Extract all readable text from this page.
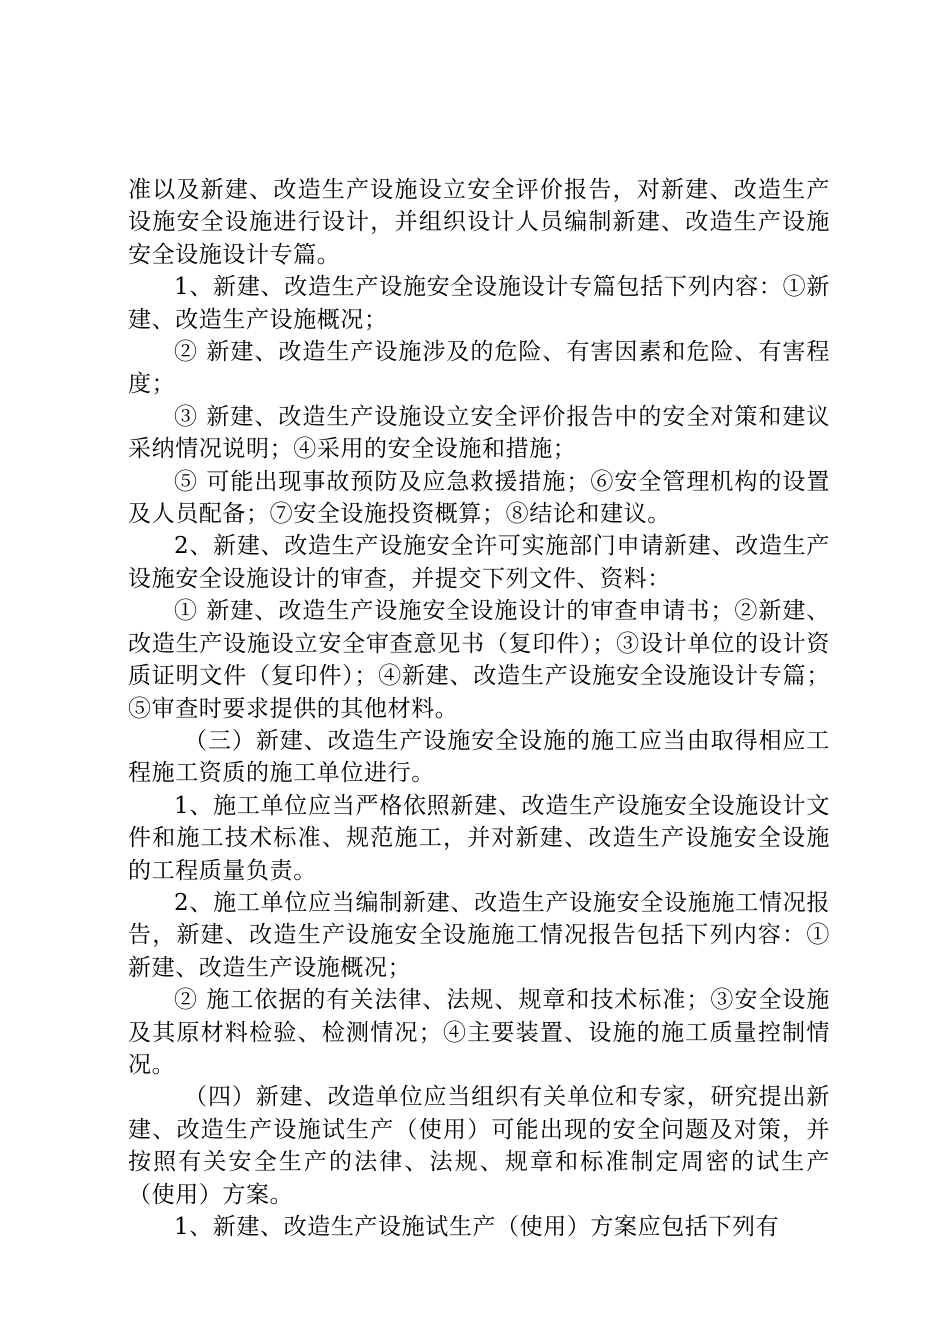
准以及新建、改造生产设施设立安全评价报告，对新建、改造生产设施安全设施进行设计，并组织设计人员编制新建、改造生产设施安全设施设计专篇。

1、新建、改造生产设施安全设施设计专篇包括下列内容：①新建、改造生产设施概况；

② 新建、改造生产设施涉及的危险、有害因素和危险、有害程度；

③ 新建、改造生产设施设立安全评价报告中的安全对策和建议采纳情况说明；④采用的安全设施和措施；

⑤ 可能出现事故预防及应急救援措施；⑥安全管理机构的设置及人员配备；⑦安全设施投资概算；⑧结论和建议。

2、新建、改造生产设施安全许可实施部门申请新建、改造生产设施安全设施设计的审查，并提交下列文件、资料：

① 新建、改造生产设施安全设施设计的审查申请书；②新建、改造生产设施设立安全审查意见书（复印件）；③设计单位的设计资质证明文件（复印件）；④新建、改造生产设施安全设施设计专篇；⑤审查时要求提供的其他材料。

（三）新建、改造生产设施安全设施的施工应当由取得相应工程施工资质的施工单位进行。

1、施工单位应当严格依照新建、改造生产设施安全设施设计文件和施工技术标准、规范施工，并对新建、改造生产设施安全设施的工程质量负责。

2、施工单位应当编制新建、改造生产设施安全设施施工情况报告，新建、改造生产设施安全设施施工情况报告包括下列内容：①新建、改造生产设施概况；

② 施工依据的有关法律、法规、规章和技术标准；③安全设施及其原材料检验、检测情况；④主要装置、设施的施工质量控制情况。

（四）新建、改造单位应当组织有关单位和专家，研究提出新建、改造生产设施试生产（使用）可能出现的安全问题及对策，并按照有关安全生产的法律、法规、规章和标准制定周密的试生产（使用）方案。

1、新建、改造生产设施试生产（使用）方案应包括下列有
